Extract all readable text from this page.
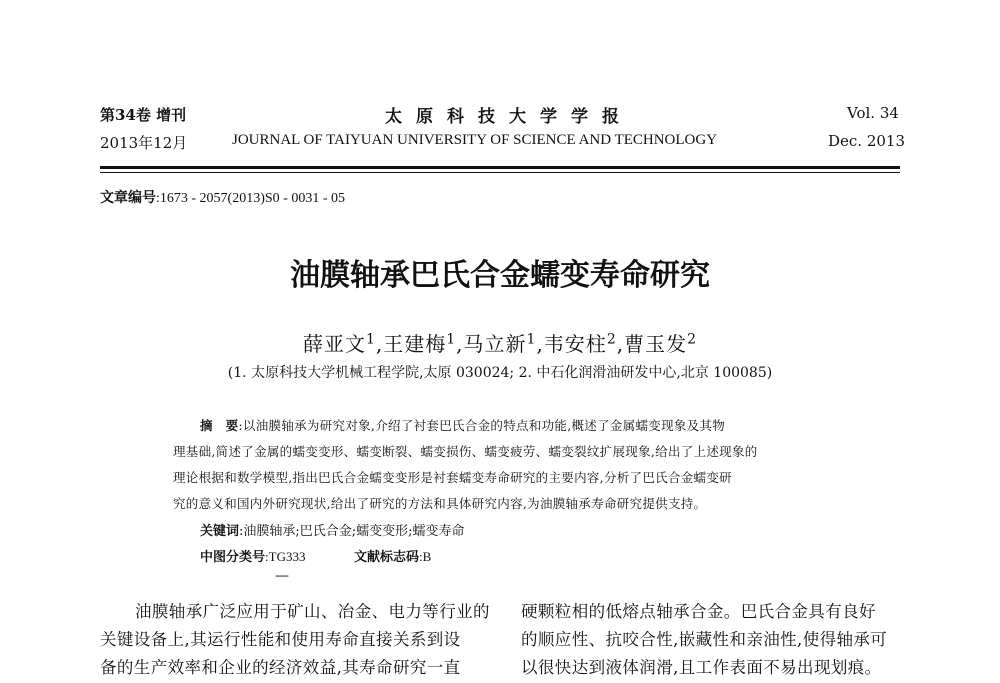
第34卷 增刊	太原科技大学学报	Vol. 34
2013年12月	JOURNAL OF TAIYUAN UNIVERSITY OF SCIENCE AND TECHNOLOGY	Dec. 2013
文章编号:1673 - 2057(2013)S0 - 0031 - 05
油膜轴承巴氏合金蠕变寿命研究
薛亚文$^1$,王建梅$^1$,马立新$^1$,韦安柱$^2$,曹玉发$^2$
(1. 太原科技大学机械工程学院,太原 030024; 2. 中石化润滑油研发中心,北京 100085)
摘　要:以油膜轴承为研究对象,介绍了衬套巴氏合金的特点和功能,概述了金属蠕变现象及其物
理基础,简述了金属的蠕变变形、蠕变断裂、蠕变损伤、蠕变疲劳、蠕变裂纹扩展现象,给出了上述现象的
理论根据和数学模型,指出巴氏合金蠕变变形是衬套蠕变寿命研究的主要内容,分析了巴氏合金蠕变研
究的意义和国内外研究现状,给出了研究的方法和具体研究内容,为油膜轴承寿命研究提供支持。
关键词:油膜轴承;巴氏合金;蠕变变形;蠕变寿命
中图分类号:TG333	文献标志码:B
—
油膜轴承广泛应用于矿山、冶金、电力等行业的
关键设备上,其运行性能和使用寿命直接关系到设
备的生产效率和企业的经济效益,其寿命研究一直
硬颗粒相的低熔点轴承合金。巴氏合金具有良好
的顺应性、抗咬合性,嵌藏性和亲油性,使得轴承可
以很快达到液体润滑,且工作表面不易出现划痕。
